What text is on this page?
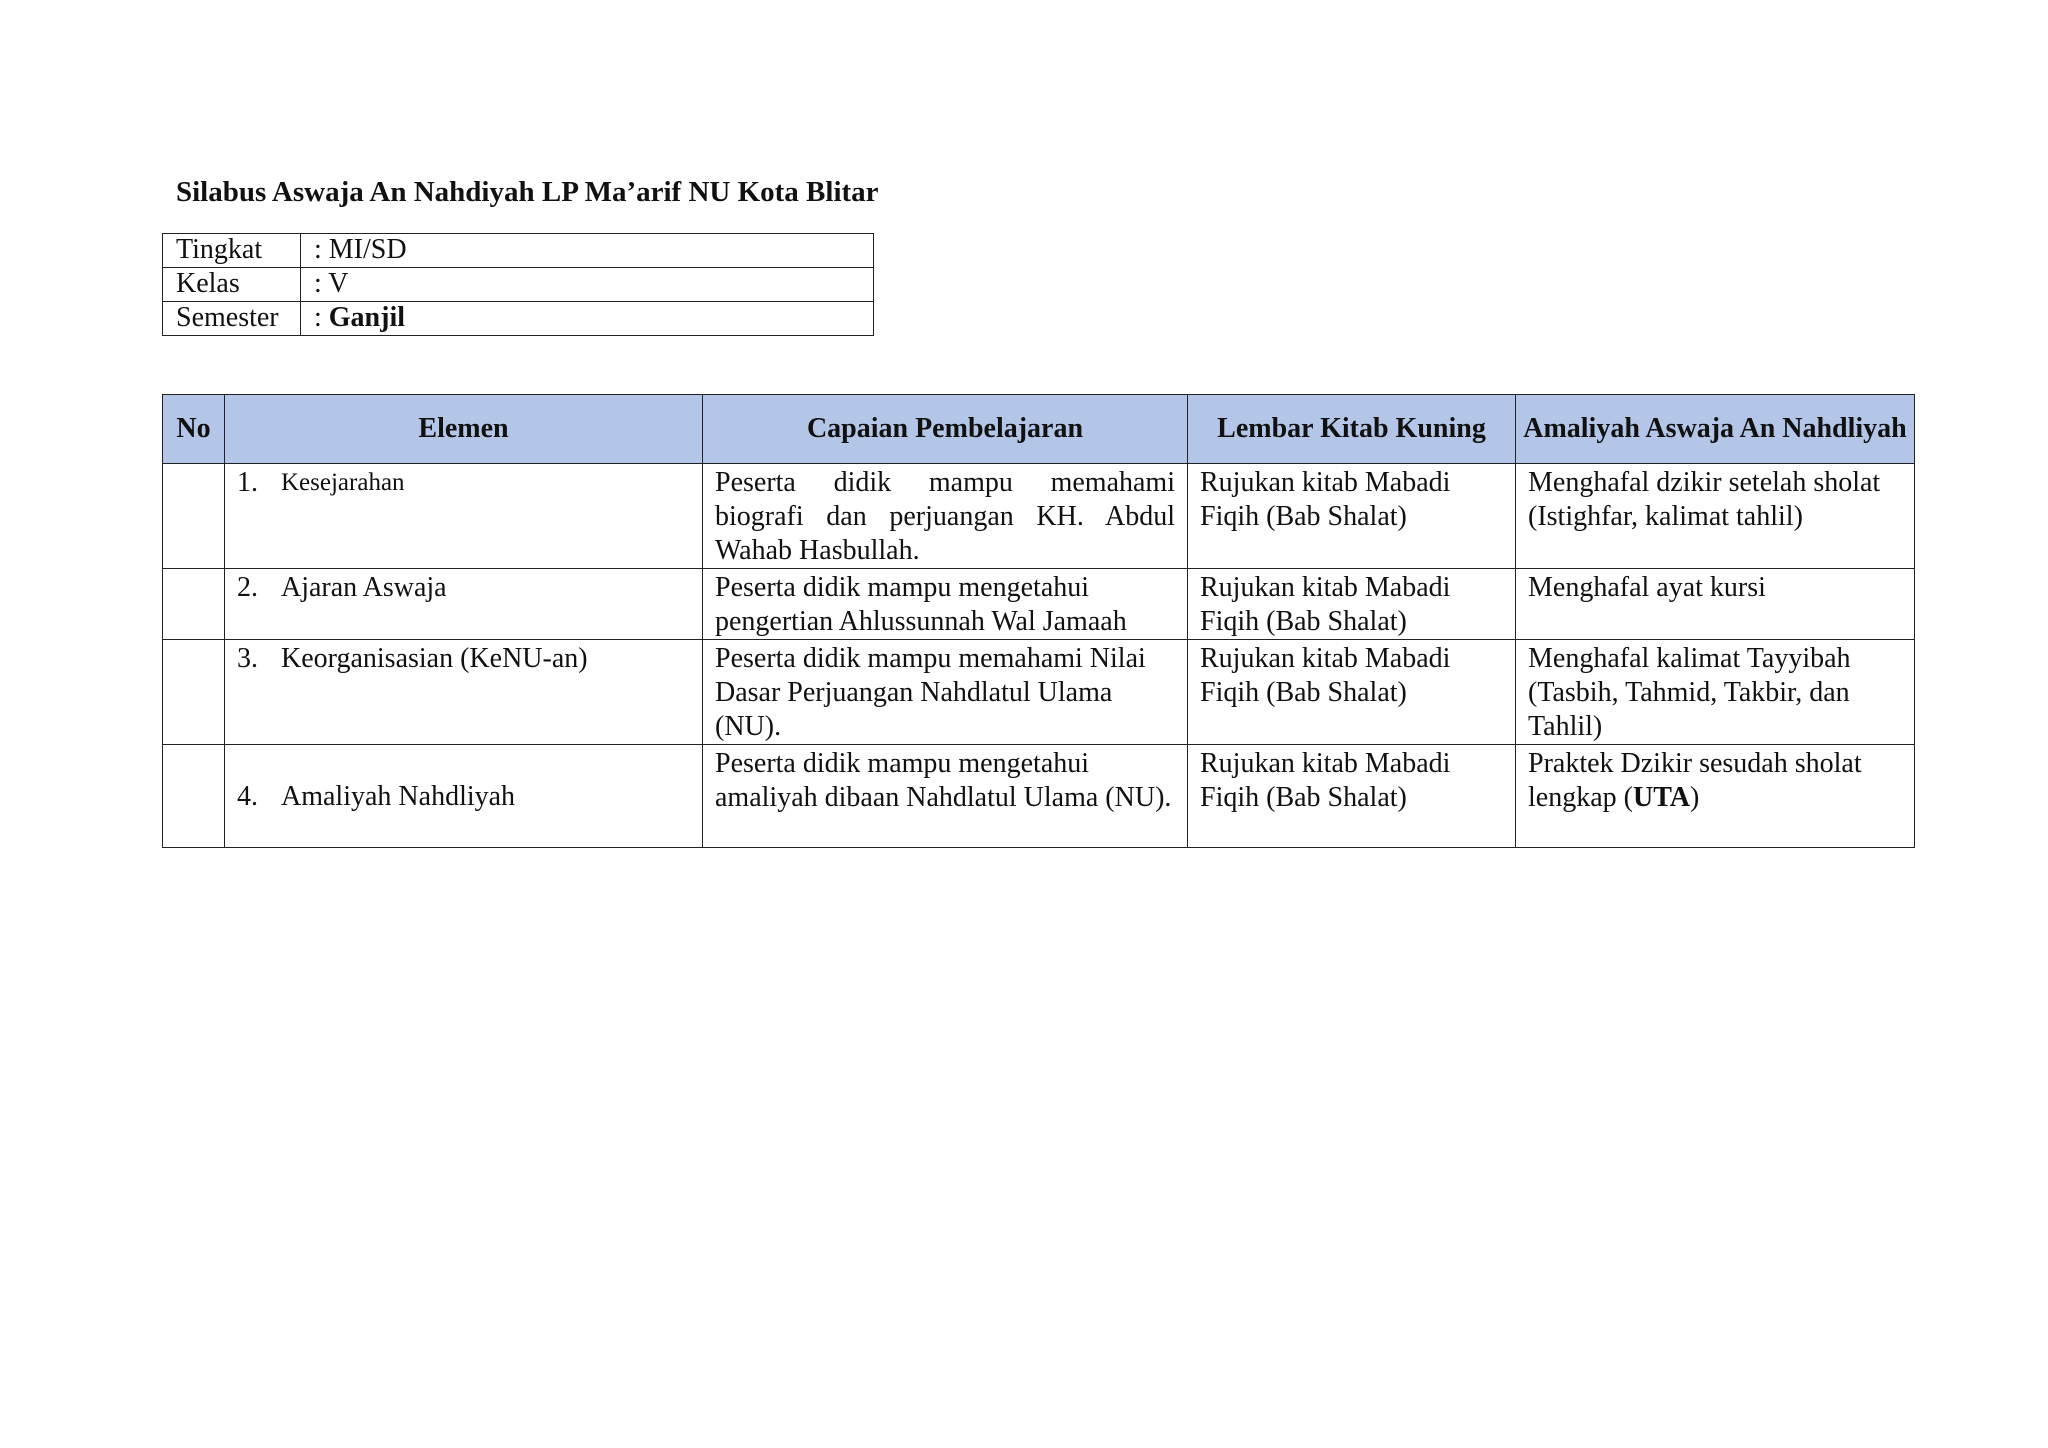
Silabus Aswaja An Nahdiyah LP Ma’arif NU Kota Blitar
Tingkat	: MI/SD
Kelas	: V
Semester	: Ganjil
No	Elemen	Capaian Pembelajaran	Lembar Kitab Kuning	Amaliyah Aswaja An Nahdliyah

	1. Kesejarahan	Peserta didik mampu memahami biografi dan perjuangan KH. Abdul Wahab Hasbullah.	Rujukan kitab Mabadi Fiqih (Bab Shalat)	Menghafal dzikir setelah sholat (Istighfar, kalimat tahlil)

	2. Ajaran Aswaja	Peserta didik mampu mengetahui pengertian Ahlussunnah Wal Jamaah	Rujukan kitab Mabadi Fiqih (Bab Shalat)	Menghafal ayat kursi

	3. Keorganisasian (KeNU-an)	Peserta didik mampu memahami Nilai Dasar Perjuangan Nahdlatul Ulama (NU).	Rujukan kitab Mabadi Fiqih (Bab Shalat)	Menghafal kalimat Tayyibah (Tasbih, Tahmid, Takbir, dan Tahlil)

	4. Amaliyah Nahdliyah	Peserta didik mampu mengetahui amaliyah dibaan Nahdlatul Ulama (NU).	Rujukan kitab Mabadi Fiqih (Bab Shalat)	Praktek Dzikir sesudah sholat lengkap (UTA)
